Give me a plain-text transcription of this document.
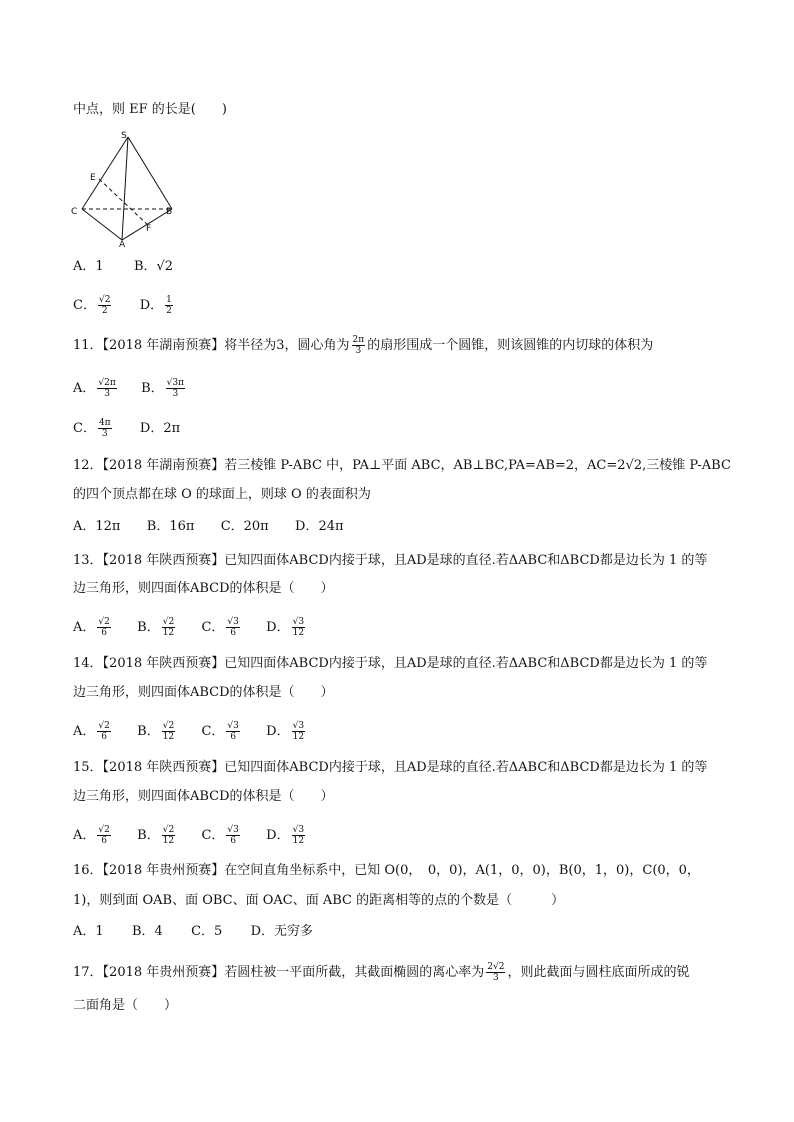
中点，则 EF 的长是(　　)
S
E
C	B
A
F
A．1 B．√2
C． $\frac{√2}{2}$ D． $\frac{1}{2}$
11．【2018 年湖南预赛】将半径为3，圆心角为 $\frac{2\pi}{3}$ 的扇形围成一个圆锥，则该圆锥的内切球的体积为
A． $\frac{√2\pi}{3}$ B． $\frac{√3\pi}{3}$
C． $\frac{4\pi}{3}$ D．2π
12．【2018 年湖南预赛】若三棱锥 P-ABC 中，PA⊥平面 ABC，AB⊥BC,PA=AB=2，AC=2√2,三棱锥 P-ABC
的四个顶点都在球 O 的球面上，则球 O 的表面积为
A．12π B．16π C．20π D．24π
13．【2018 年陕西预赛】已知四面体ABCD内接于球，且AD是球的直径.若ΔABC和ΔBCD都是边长为 1 的等
边三角形，则四面体ABCD的体积是（　　）
A． $\frac{√2}{6}$ B． $\frac{√2}{12}$ C． $\frac{√3}{6}$ D． $\frac{√3}{12}$
14．【2018 年陕西预赛】已知四面体ABCD内接于球，且AD是球的直径.若ΔABC和ΔBCD都是边长为 1 的等
边三角形，则四面体ABCD的体积是（　　）
A． $\frac{√2}{6}$ B． $\frac{√2}{12}$ C． $\frac{√3}{6}$ D． $\frac{√3}{12}$
15．【2018 年陕西预赛】已知四面体ABCD内接于球，且AD是球的直径.若ΔABC和ΔBCD都是边长为 1 的等
边三角形，则四面体ABCD的体积是（　　）
A． $\frac{√2}{6}$ B． $\frac{√2}{12}$ C． $\frac{√3}{6}$ D． $\frac{√3}{12}$
16．【2018 年贵州预赛】在空间直角坐标系中，已知 O(0，　0，0)，A(1，0，0)，B(0，1，0)，C(0，0，
1)，则到面 OAB、面 OBC、面 OAC、面 ABC 的距离相等的点的个数是（　　　）
A．1 B．4 C．5 D．无穷多
17．【2018 年贵州预赛】若圆柱被一平面所截，其截面椭圆的离心率为 $\frac{2√2}{3}$ ，则此截面与圆柱底面所成的锐
二面角是（　　）
